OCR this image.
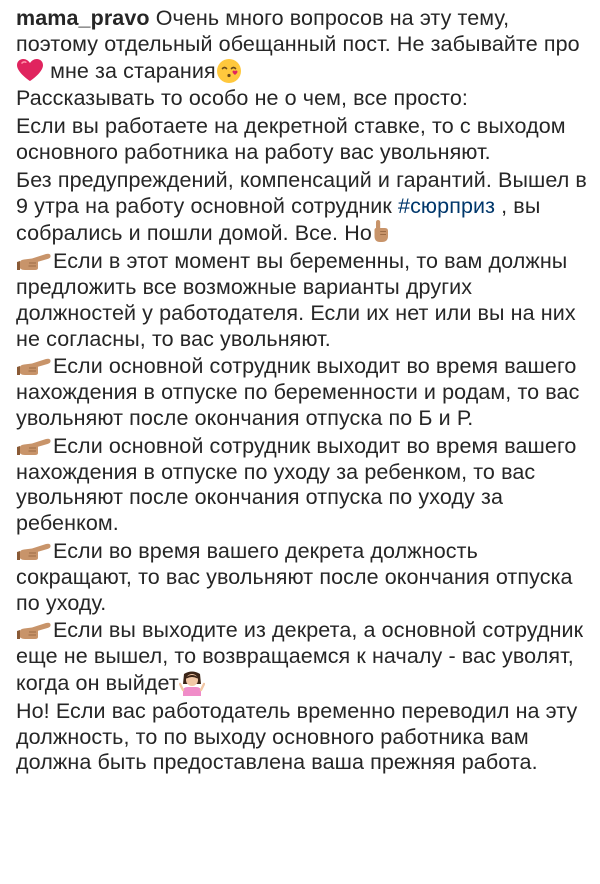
mama_pravo Очень много вопросов на эту тему, поэтому отдельный обещанный пост. Не забывайте про
мне за старания

Рассказывать то особо не о чем, все просто:

Если вы работаете на декретной ставке, то с выходом основного работника на работу вас увольняют.

Без предупреждений, компенсаций и гарантий. Вышел в 9 утра на работу основной сотрудник #сюрприз , вы собрались и пошли домой. Все. Но

Если в этот момент вы беременны, то вам должны предложить все возможные варианты других должностей у работодателя. Если их нет или вы на них не согласны, то вас увольняют.

Если основной сотрудник выходит во время вашего нахождения в отпуске по беременности и родам, то вас увольняют после окончания отпуска по Б и Р.

Если основной сотрудник выходит во время вашего нахождения в отпуске по уходу за ребенком, то вас увольняют после окончания отпуска по уходу за ребенком.

Если во время вашего декрета должность сокращают, то вас увольняют после окончания отпуска по уходу.

Если вы выходите из декрета, а основной сотрудник еще не вышел, то возвращаемся к началу - вас уволят, когда он выйдет

Но! Если вас работодатель временно переводил на эту должность, то по выходу основного работника вам должна быть предоставлена ваша прежняя работа.
